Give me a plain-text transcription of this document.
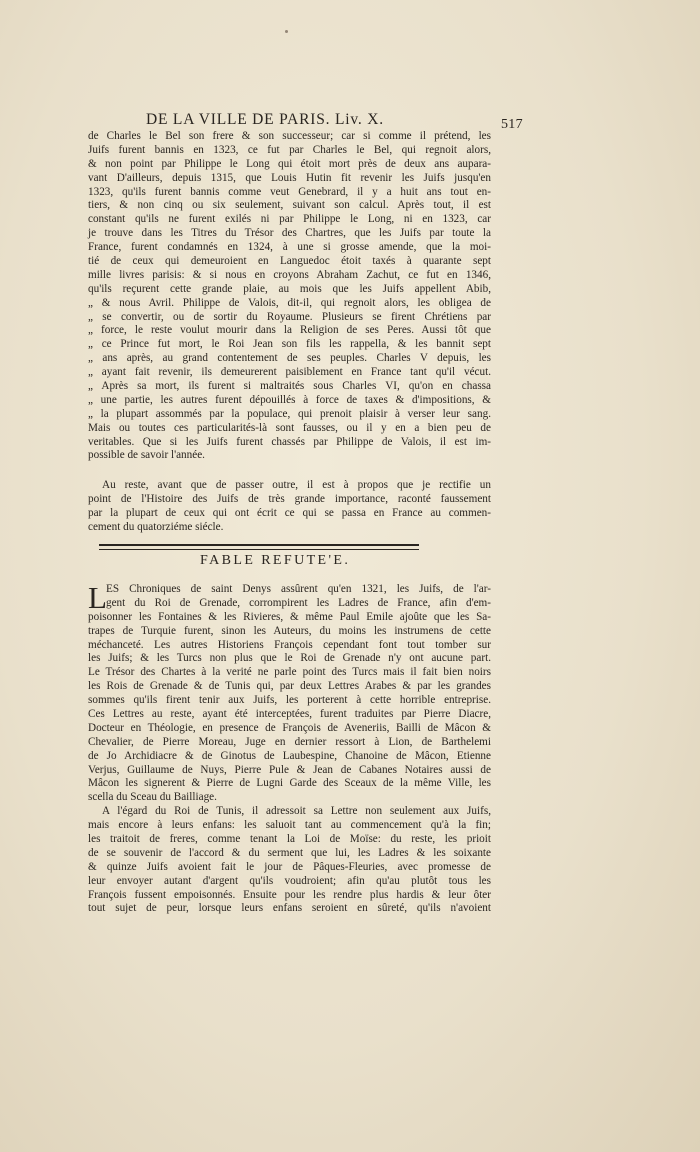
DE LA VILLE DE PARIS. Liv. X.	517
de Charles le Bel son frere & son successeur; car si comme il prétend, les
Juifs furent bannis en 1323, ce fut par Charles le Bel, qui regnoit alors,
& non point par Philippe le Long qui étoit mort près de deux ans aupara-
vant D'ailleurs, depuis 1315, que Louis Hutin fit revenir les Juifs jusqu'en
1323, qu'ils furent bannis comme veut Genebrard, il y a huit ans tout en-
tiers, & non cinq ou six seulement, suivant son calcul. Après tout, il est
constant qu'ils ne furent exilés ni par Philippe le Long, ni en 1323, car
je trouve dans les Titres du Trésor des Chartres, que les Juifs par toute la
France, furent condamnés en 1324, à une si grosse amende, que la moi-
tié de ceux qui demeuroient en Languedoc étoit taxés à quarante sept
mille livres parisis: & si nous en croyons Abraham Zachut, ce fut en 1346,
qu'ils reçurent cette grande plaie, au mois que les Juifs appellent Abib,
„ & nous Avril. Philippe de Valois, dit-il, qui regnoit alors, les obligea de
„ se convertir, ou de sortir du Royaume. Plusieurs se firent Chrétiens par
„ force, le reste voulut mourir dans la Religion de ses Peres. Aussi tôt que
„ ce Prince fut mort, le Roi Jean son fils les rappella, & les bannit sept
„ ans après, au grand contentement de ses peuples. Charles V depuis, les
„ ayant fait revenir, ils demeurerent paisiblement en France tant qu'il vécut.
„ Après sa mort, ils furent si maltraités sous Charles VI, qu'on en chassa
„ une partie, les autres furent dépouillés à force de taxes & d'impositions, &
„ la plupart assommés par la populace, qui prenoit plaisir à verser leur sang.
Mais ou toutes ces particularités-là sont fausses, ou il y en a bien peu de
veritables. Que si les Juifs furent chassés par Philippe de Valois, il est im-
possible de savoir l'année.
Au reste, avant que de passer outre, il est à propos que je rectifie un
point de l'Histoire des Juifs de très grande importance, raconté faussement
par la plupart de ceux qui ont écrit ce qui se passa en France au commen-
cement du quatorziéme siécle.
FABLE REFUTE'E.
L ES Chroniques de saint Denys assûrent qu'en 1321, les Juifs, de l'ar-
gent du Roi de Grenade, corrompirent les Ladres de France, afin d'em-
poisonner les Fontaines & les Rivieres, & même Paul Emile ajoûte que les Sa-
trapes de Turquie furent, sinon les Auteurs, du moins les instrumens de cette
méchanceté. Les autres Historiens François cependant font tout tomber sur
les Juifs; & les Turcs non plus que le Roi de Grenade n'y ont aucune part.
Le Trésor des Chartes à la verité ne parle point des Turcs mais il fait bien noirs
les Rois de Grenade & de Tunis qui, par deux Lettres Arabes & par les grandes
sommes qu'ils firent tenir aux Juifs, les porterent à cette horrible entreprise.
Ces Lettres au reste, ayant été interceptées, furent traduites par Pierre Diacre,
Docteur en Théologie, en presence de François de Aveneriis, Bailli de Mâcon &
Chevalier, de Pierre Moreau, Juge en dernier ressort à Lion, de Barthelemi
de Jo Archidiacre & de Ginotus de Laubespine, Chanoine de Mâcon, Etienne
Verjus, Guillaume de Nuys, Pierre Pule & Jean de Cabanes Notaires aussi de
Mâcon les signerent & Pierre de Lugni Garde des Sceaux de la même Ville, les
scella du Sceau du Bailliage.
A l'égard du Roi de Tunis, il adressoit sa Lettre non seulement aux Juifs,
mais encore à leurs enfans: les saluoit tant au commencement qu'à la fin;
les traitoit de freres, comme tenant la Loi de Moïse: du reste, les prioit
de se souvenir de l'accord & du serment que lui, les Ladres & les soixante
& quinze Juifs avoient fait le jour de Pâques-Fleuries, avec promesse de
leur envoyer autant d'argent qu'ils voudroient; afin qu'au plutôt tous les
François fussent empoisonnés. Ensuite pour les rendre plus hardis & leur ôter
tout sujet de peur, lorsque leurs enfans seroient en sûreté, qu'ils n'avoient
